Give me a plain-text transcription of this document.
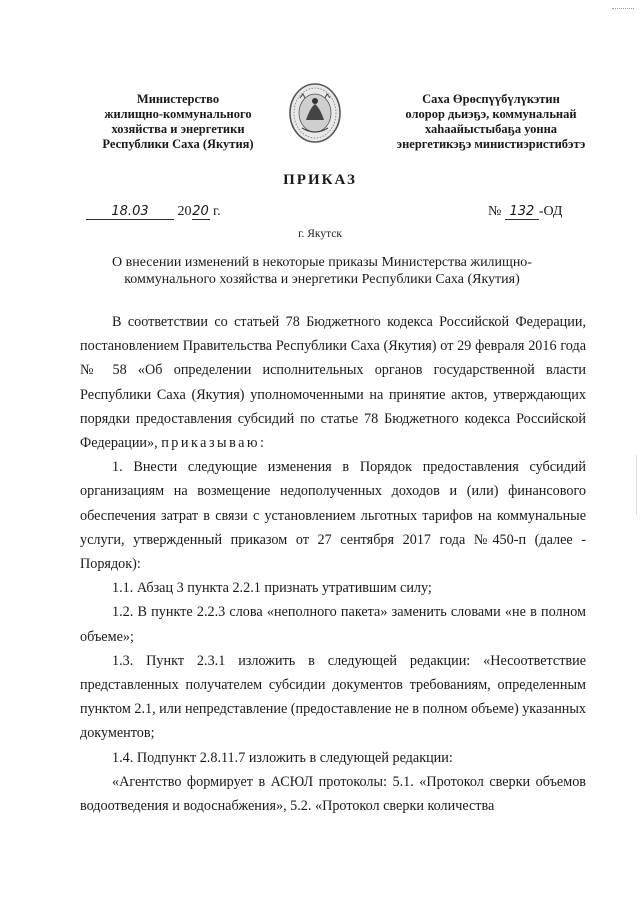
Министерство
жилищно-коммунального
хозяйства и энергетики
Республики Саха (Якутия)
Саха Өрөспүүбүлүкэтин
олорор дьиэҕэ, коммунальнай
хаһаайыстыбаҕа уонна
энергетикэҕэ министиэристибэтэ
ПРИКАЗ
18.03 2020 г.	№ 132 -ОД
г. Якутск
О внесении изменений в некоторые приказы Министерства жилищно-коммунального хозяйства и энергетики Республики Саха (Якутия)

В соответствии со статьей 78 Бюджетного кодекса Российской Федерации, постановлением Правительства Республики Саха (Якутия) от 29 февраля 2016 года № 58 «Об определении исполнительных органов государственной власти Республики Саха (Якутия) уполномоченными на принятие актов, утверждающих порядки предоставления субсидий по статье 78 Бюджетного кодекса Российской Федерации», приказываю:

1. Внести следующие изменения в Порядок предоставления субсидий организациям на возмещение недополученных доходов и (или) финансового обеспечения затрат в связи с установлением льготных тарифов на коммунальные услуги, утвержденный приказом от 27 сентября 2017 года №450-п (далее - Порядок):

1.1. Абзац 3 пункта 2.2.1 признать утратившим силу;

1.2. В пункте 2.2.3 слова «неполного пакета» заменить словами «не в полном объеме»;

1.3. Пункт 2.3.1 изложить в следующей редакции: «Несоответствие представленных получателем субсидии документов требованиям, определенным пунктом 2.1, или непредставление (предоставление не в полном объеме) указанных документов;

1.4. Подпункт 2.8.11.7 изложить в следующей редакции:

«Агентство формирует в АСЮЛ протоколы: 5.1. «Протокол сверки объемов водоотведения и водоснабжения», 5.2. «Протокол сверки количества
